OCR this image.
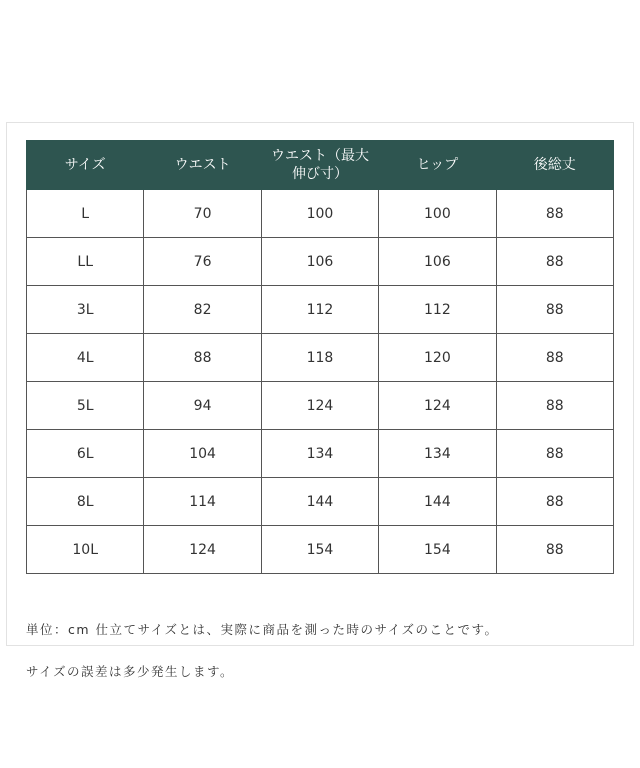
サイズ	ウエスト	ウエスト（最大伸び寸）	ヒップ	後総丈
L	70	100	100	88
LL	76	106	106	88
3L	82	112	112	88
4L	88	118	120	88
5L	94	124	124	88
6L	104	134	134	88
8L	114	144	144	88
10L	124	154	154	88

単位：cm 仕立てサイズとは、実際に商品を測った時のサイズのことです。

サイズの誤差は多少発生します。
